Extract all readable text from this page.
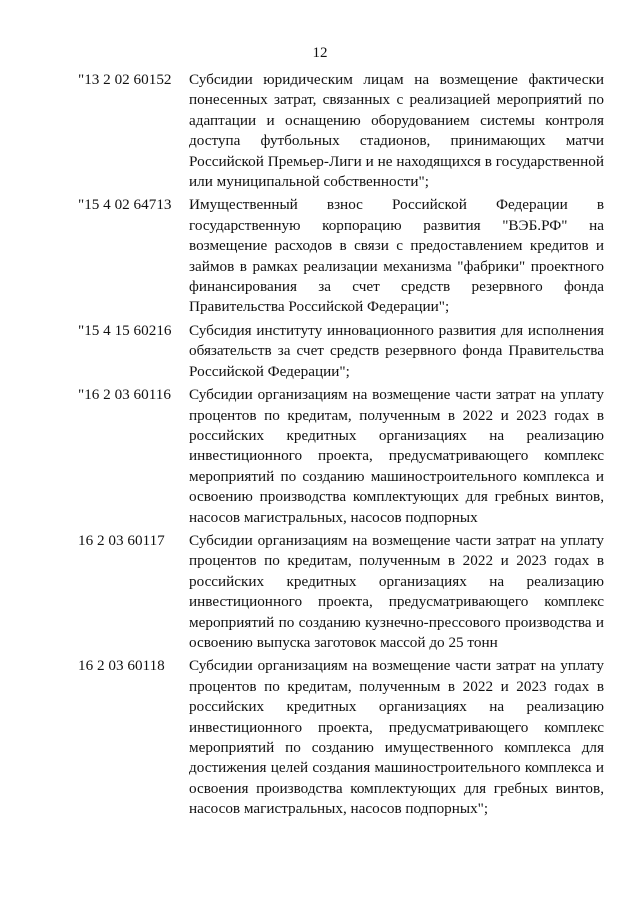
12
"13 2 02 60152	Субсидии юридическим лицам на возмещение фактически понесенных затрат, связанных с реализацией мероприятий по адаптации и оснащению оборудованием системы контроля доступа футбольных стадионов, принимающих матчи Российской Премьер-Лиги и не находящихся в государственной или муниципальной собственности";
"15 4 02 64713	Имущественный взнос Российской Федерации в государственную корпорацию развития "ВЭБ.РФ" на возмещение расходов в связи с предоставлением кредитов и займов в рамках реализации механизма "фабрики" проектного финансирования за счет средств резервного фонда Правительства Российской Федерации";
"15 4 15 60216	Субсидия институту инновационного развития для исполнения обязательств за счет средств резервного фонда Правительства Российской Федерации";
"16 2 03 60116	Субсидии организациям на возмещение части затрат на уплату процентов по кредитам, полученным в 2022 и 2023 годах в российских кредитных организациях на реализацию инвестиционного проекта, предусматривающего комплекс мероприятий по созданию машиностроительного комплекса и освоению производства комплектующих для гребных винтов, насосов магистральных, насосов подпорных
16 2 03 60117	Субсидии организациям на возмещение части затрат на уплату процентов по кредитам, полученным в 2022 и 2023 годах в российских кредитных организациях на реализацию инвестиционного проекта, предусматривающего комплекс мероприятий по созданию кузнечно-прессового производства и освоению выпуска заготовок массой до 25 тонн
16 2 03 60118	Субсидии организациям на возмещение части затрат на уплату процентов по кредитам, полученным в 2022 и 2023 годах в российских кредитных организациях на реализацию инвестиционного проекта, предусматривающего комплекс мероприятий по созданию имущественного комплекса для достижения целей создания машиностроительного комплекса и освоения производства комплектующих для гребных винтов, насосов магистральных, насосов подпорных";
